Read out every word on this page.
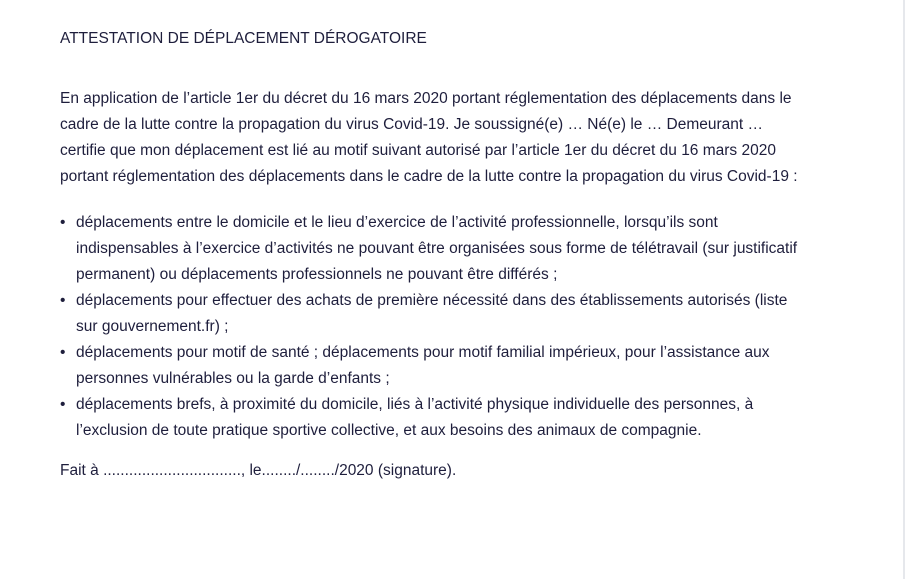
ATTESTATION DE DÉPLACEMENT DÉROGATOIRE

En application de l’article 1er du décret du 16 mars 2020 portant réglementation des déplacements dans le cadre de la lutte contre la propagation du virus Covid-19. Je soussigné(e) … Né(e) le … Demeurant … certifie que mon déplacement est lié au motif suivant autorisé par l’article 1er du décret du 16 mars 2020 portant réglementation des déplacements dans le cadre de la lutte contre la propagation du virus Covid-19 :

• déplacements entre le domicile et le lieu d’exercice de l’activité professionnelle, lorsqu’ils sont indispensables à l’exercice d’activités ne pouvant être organisées sous forme de télétravail (sur justificatif permanent) ou déplacements professionnels ne pouvant être différés ;
• déplacements pour effectuer des achats de première nécessité dans des établissements autorisés (liste sur gouvernement.fr) ;
• déplacements pour motif de santé ; déplacements pour motif familial impérieux, pour l’assistance aux personnes vulnérables ou la garde d’enfants ;
• déplacements brefs, à proximité du domicile, liés à l’activité physique individuelle des personnes, à l’exclusion de toute pratique sportive collective, et aux besoins des animaux de compagnie.

Fait à ................................, le......../......../2020 (signature).
